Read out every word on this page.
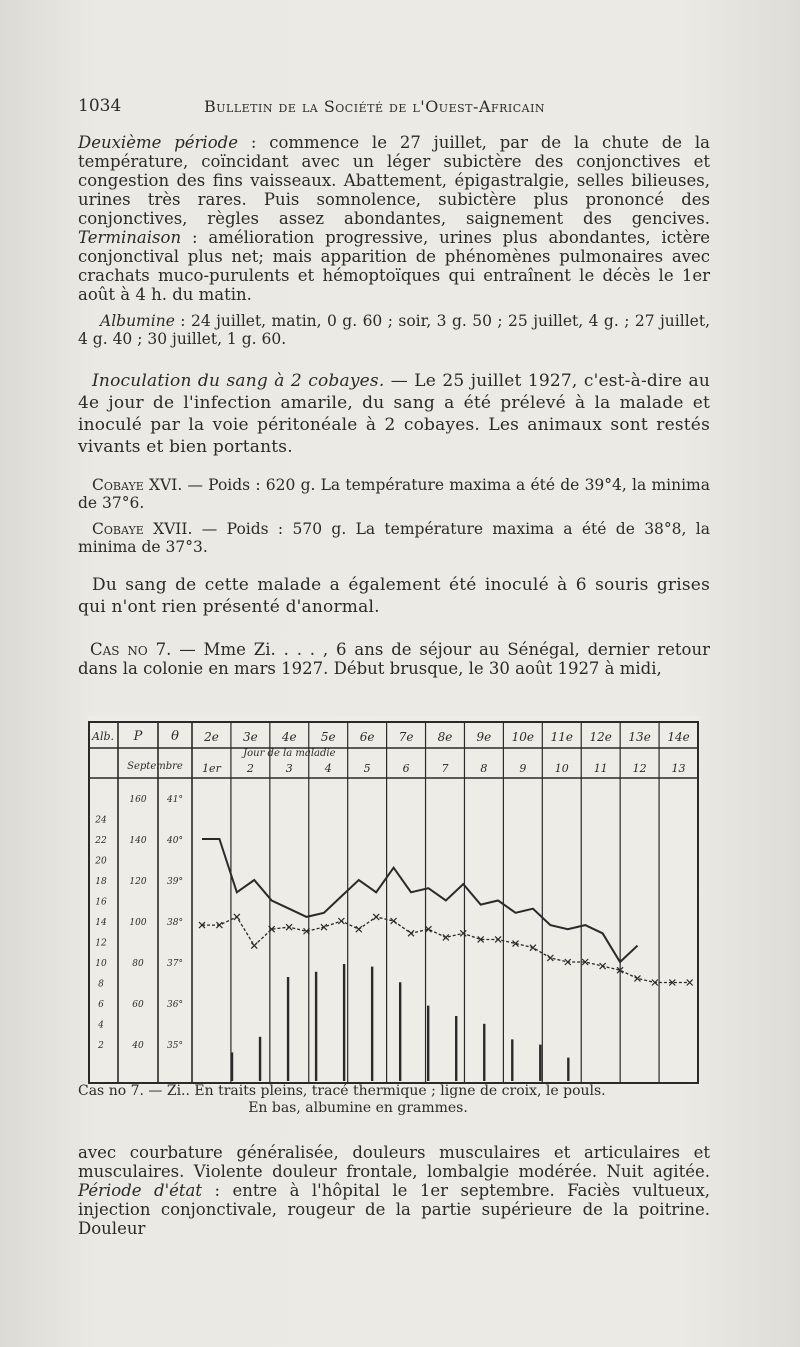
1034	Bulletin de la Société de l'Ouest-Africain

Deuxième période : commence le 27 juillet, par de la chute de la température, coïncidant avec un léger subictère des conjonctives et congestion des fins vaisseaux. Abattement, épigastralgie, selles bilieuses, urines très rares. Puis somnolence, subictère plus prononcé des conjonctives, règles assez abondantes, saignement des gencives. Terminaison : amélioration progressive, urines plus abondantes, ictère conjonctival plus net; mais apparition de phénomènes pulmonaires avec crachats muco-purulents et hémoptoïques qui entraînent le décès le 1er août à 4 h. du matin.

Albumine : 24 juillet, matin, 0 g. 60 ; soir, 3 g. 50 ; 25 juillet, 4 g. ; 27 juillet, 4 g. 40 ; 30 juillet, 1 g. 60.

Inoculation du sang à 2 cobayes. — Le 25 juillet 1927, c'est-à-dire au 4e jour de l'infection amarile, du sang a été prélevé à la malade et inoculé par la voie péritonéale à 2 cobayes. Les animaux sont restés vivants et bien portants.

Cobaye XVI. — Poids : 620 g. La température maxima a été de 39°4, la minima de 37°6.

Cobaye XVII. — Poids : 570 g. La température maxima a été de 38°8, la minima de 37°3.

Du sang de cette malade a également été inoculé à 6 souris grises qui n'ont rien présenté d'anormal.

Cas no 7. — Mme Zi. . . . , 6 ans de séjour au Sénégal, dernier retour dans la colonie en mars 1927. Début brusque, le 30 août 1927 à midi,

Alb. P θ
Septembre
2e 3e 4e 5e 6e 7e 8e 9e 10e 11e 12e 13e 14e
1er 2	3	4	5	6	7	8	9	10 11 12 13
Jour de la maladie
41°
40°
39°
38°
37°
36°
35°
160
140
120
100
80
60
40
24
22
20
18
16
14
12
10
8
6
4
2
Cas no 7. — Zi.. En traits pleins, tracé thermique ; ligne de croix, le pouls.
En bas, albumine en grammes.

avec courbature généralisée, douleurs musculaires et articulaires et musculaires. Violente douleur frontale, lombalgie modérée. Nuit agitée. Période d'état : entre à l'hôpital le 1er septembre. Faciès vultueux, injection conjonctivale, rougeur de la partie supérieure de la poitrine. Douleur
